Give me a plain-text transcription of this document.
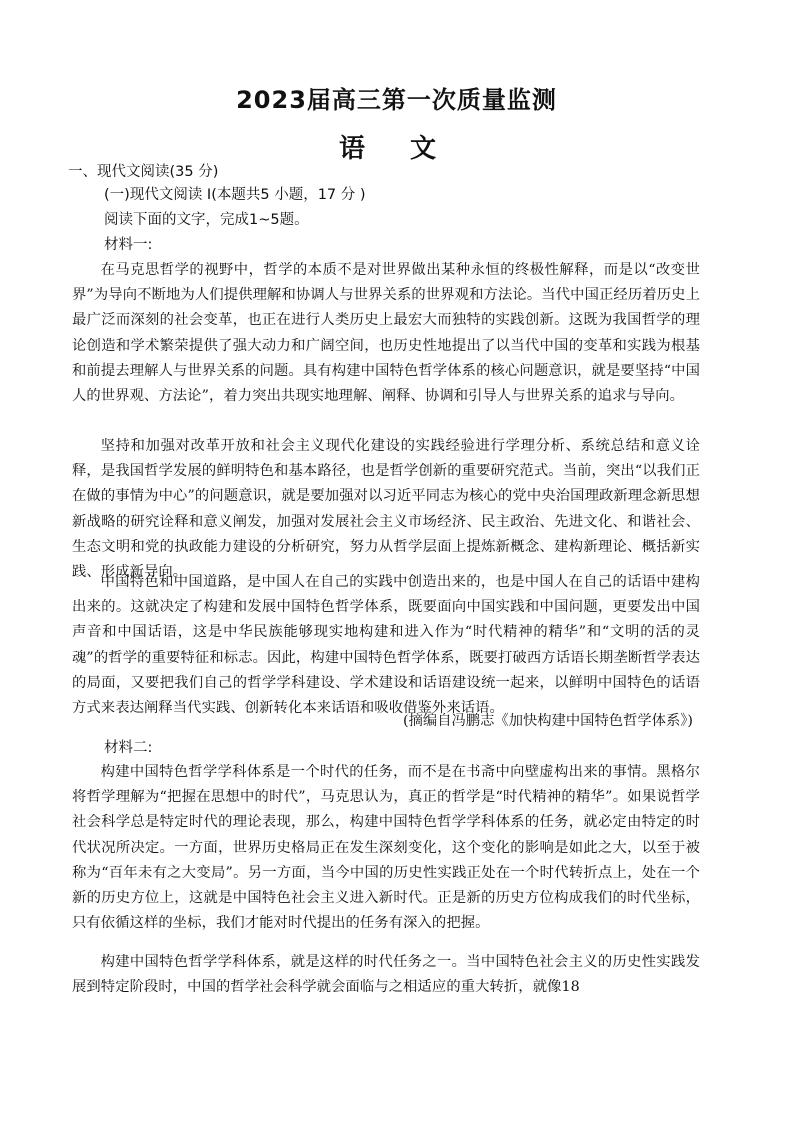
2023届高三第一次质量监测
语 文
一、现代文阅读(35 分)
(一)现代文阅读 I(本题共5 小题，17 分 )
阅读下面的文字，完成1~5题。
材料一:
在马克思哲学的视野中，哲学的本质不是对世界做出某种永恒的终极性解释，而是以“改变世界”为导向不断地为人们提供理解和协调人与世界关系的世界观和方法论。当代中国正经历着历史上最广泛而深刻的社会变革，也正在进行人类历史上最宏大而独特的实践创新。这既为我国哲学的理论创造和学术繁荣提供了强大动力和广阔空间，也历史性地提出了以当代中国的变革和实践为根基和前提去理解人与世界关系的问题。具有构建中国特色哲学体系的核心问题意识，就是要坚持“中国人的世界观、方法论”，着力突出共现实地理解、阐释、协调和引导人与世界关系的追求与导向。
坚持和加强对改革开放和社会主义现代化建设的实践经验进行学理分析、系统总结和意义诠释，是我国哲学发展的鲜明特色和基本路径，也是哲学创新的重要研究范式。当前，突出“以我们正在做的事情为中心”的问题意识，就是要加强对以习近平同志为核心的党中央治国理政新理念新思想新战略的研究诠释和意义阐发，加强对发展社会主义市场经济、民主政治、先进文化、和谐社会、生态文明和党的执政能力建设的分析研究，努力从哲学层面上提炼新概念、建构新理论、概括新实践、形成新导向。
中国特色和中国道路，是中国人在自己的实践中创造出来的，也是中国人在自己的话语中建构出来的。这就决定了构建和发展中国特色哲学体系，既要面向中国实践和中国问题，更要发出中国声音和中国话语，这是中华民族能够现实地构建和进入作为“时代精神的精华”和“文明的活的灵魂”的哲学的重要特征和标志。因此，构建中国特色哲学体系，既要打破西方话语长期垄断哲学表达的局面，又要把我们自己的哲学学科建设、学术建设和话语建设统一起来，以鲜明中国特色的话语方式来表达阐释当代实践、创新转化本来话语和吸收借鉴外来话语。
(摘编自冯鹏志《加快构建中国特色哲学体系》)
材料二:
构建中国特色哲学学科体系是一个时代的任务，而不是在书斋中向壁虚构出来的事情。黑格尔将哲学理解为“把握在思想中的时代”，马克思认为，真正的哲学是“时代精神的精华”。如果说哲学社会科学总是特定时代的理论表现，那么，构建中国特色哲学学科体系的任务，就必定由特定的时代状况所决定。一方面，世界历史格局正在发生深刻变化，这个变化的影响是如此之大，以至于被称为“百年未有之大变局”。另一方面，当今中国的历史性实践正处在一个时代转折点上，处在一个新的历史方位上，这就是中国特色社会主义进入新时代。正是新的历史方位构成我们的时代坐标，只有依循这样的坐标，我们才能对时代提出的任务有深入的把握。
构建中国特色哲学学科体系，就是这样的时代任务之一。当中国特色社会主义的历史性实践发展到特定阶段时，中国的哲学社会科学就会面临与之相适应的重大转折，就像18
